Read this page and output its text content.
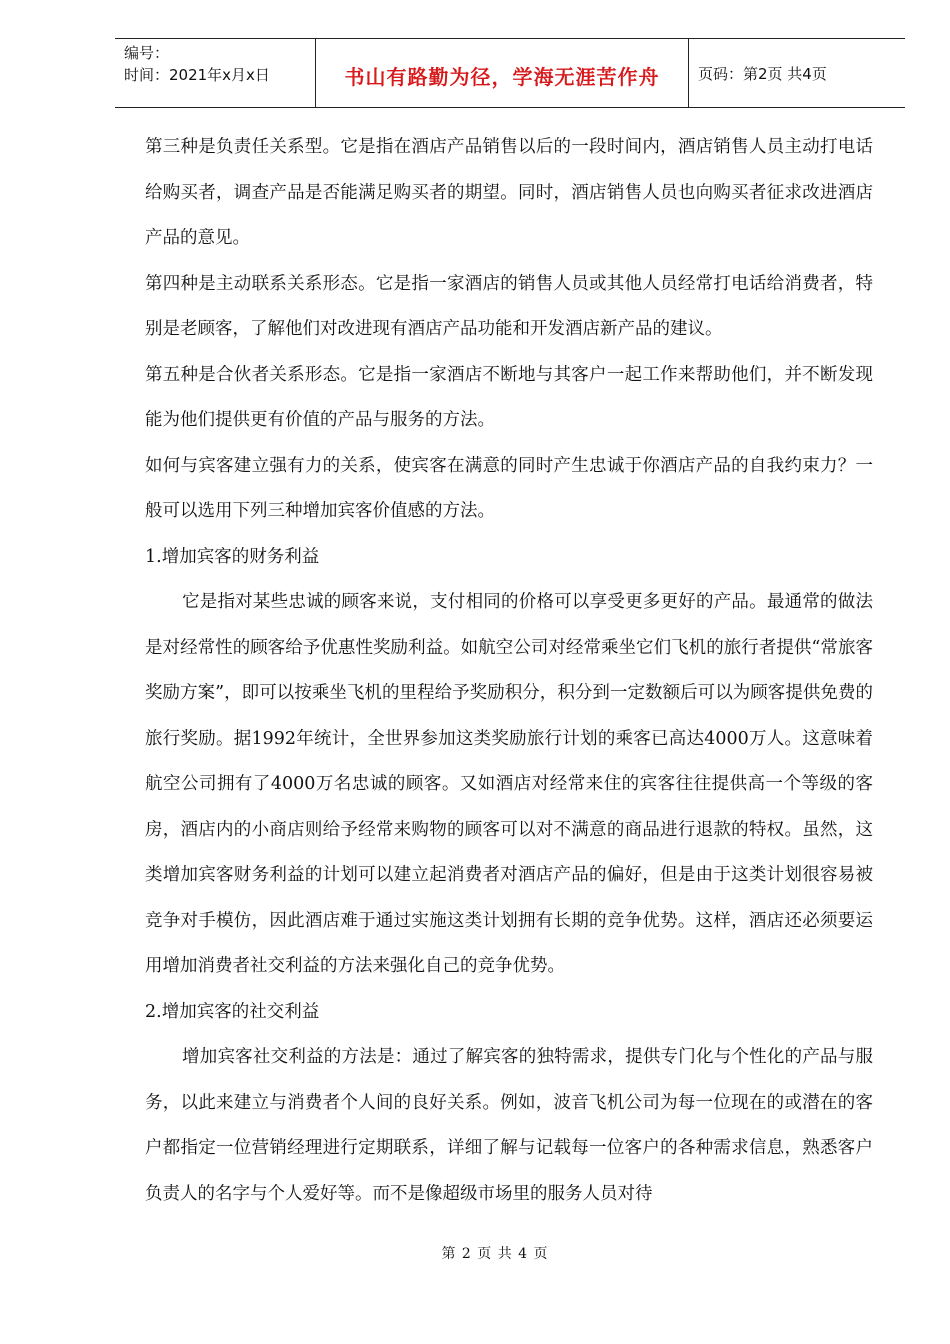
编号：
时间：2021年x月x日	书山有路勤为径，学海无涯苦作舟	页码：第2页 共4页

第三种是负责任关系型。它是指在酒店产品销售以后的一段时间内，酒店销售人员主动打电话给购买者，调查产品是否能满足购买者的期望。同时，酒店销售人员也向购买者征求改进酒店产品的意见。

第四种是主动联系关系形态。它是指一家酒店的销售人员或其他人员经常打电话给消费者，特别是老顾客，了解他们对改进现有酒店产品功能和开发酒店新产品的建议。

第五种是合伙者关系形态。它是指一家酒店不断地与其客户一起工作来帮助他们，并不断发现能为他们提供更有价值的产品与服务的方法。

如何与宾客建立强有力的关系，使宾客在满意的同时产生忠诚于你酒店产品的自我约束力？一般可以选用下列三种增加宾客价值感的方法。

1.增加宾客的财务利益

它是指对某些忠诚的顾客来说，支付相同的价格可以享受更多更好的产品。最通常的做法是对经常性的顾客给予优惠性奖励利益。如航空公司对经常乘坐它们飞机的旅行者提供“常旅客奖励方案”，即可以按乘坐飞机的里程给予奖励积分，积分到一定数额后可以为顾客提供免费的旅行奖励。据1992年统计，全世界参加这类奖励旅行计划的乘客已高达4000万人。这意味着航空公司拥有了4000万名忠诚的顾客。又如酒店对经常来住的宾客往往提供高一个等级的客房，酒店内的小商店则给予经常来购物的顾客可以对不满意的商品进行退款的特权。虽然，这类增加宾客财务利益的计划可以建立起消费者对酒店产品的偏好，但是由于这类计划很容易被竞争对手模仿，因此酒店难于通过实施这类计划拥有长期的竞争优势。这样，酒店还必须要运用增加消费者社交利益的方法来强化自己的竞争优势。

2.增加宾客的社交利益

增加宾客社交利益的方法是：通过了解宾客的独特需求，提供专门化与个性化的产品与服务，以此来建立与消费者个人间的良好关系。例如，波音飞机公司为每一位现在的或潜在的客户都指定一位营销经理进行定期联系，详细了解与记载每一位客户的各种需求信息，熟悉客户负责人的名字与个人爱好等。而不是像超级市场里的服务人员对待

第 2 页 共 4 页
